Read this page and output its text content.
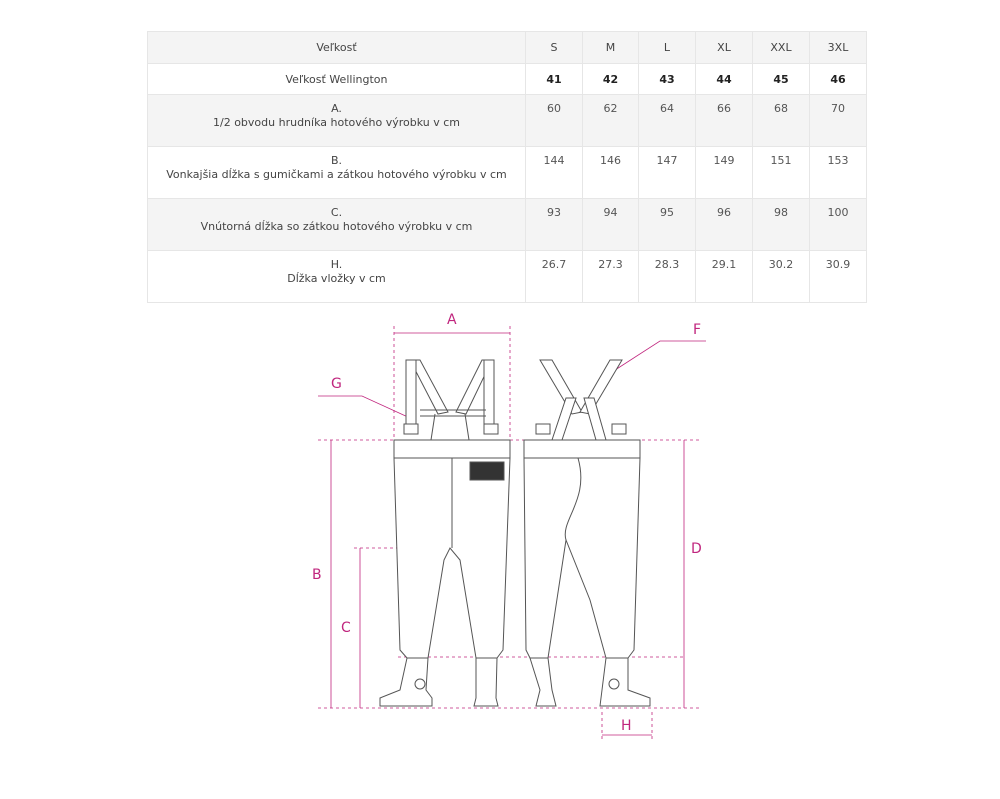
Veľkosť	S	M	L	XL	XXL	3XL
Veľkosť Wellington	41	42	43	44	45	46

A.
1/2 obvodu hrudníka hotového výrobku v cm	60	62	64	66	68	70

B.
Vonkajšia dĺžka s gumičkami a zátkou hotového výrobku v cm	144	146	147	149	151	153

C.
Vnútorná dĺžka so zátkou hotového výrobku v cm	93	94	95	96	98	100

H.
Dĺžka vložky v cm	26.7	27.3	28.3	29.1	30.2	30.9
A
B
C
D
F
G
H
